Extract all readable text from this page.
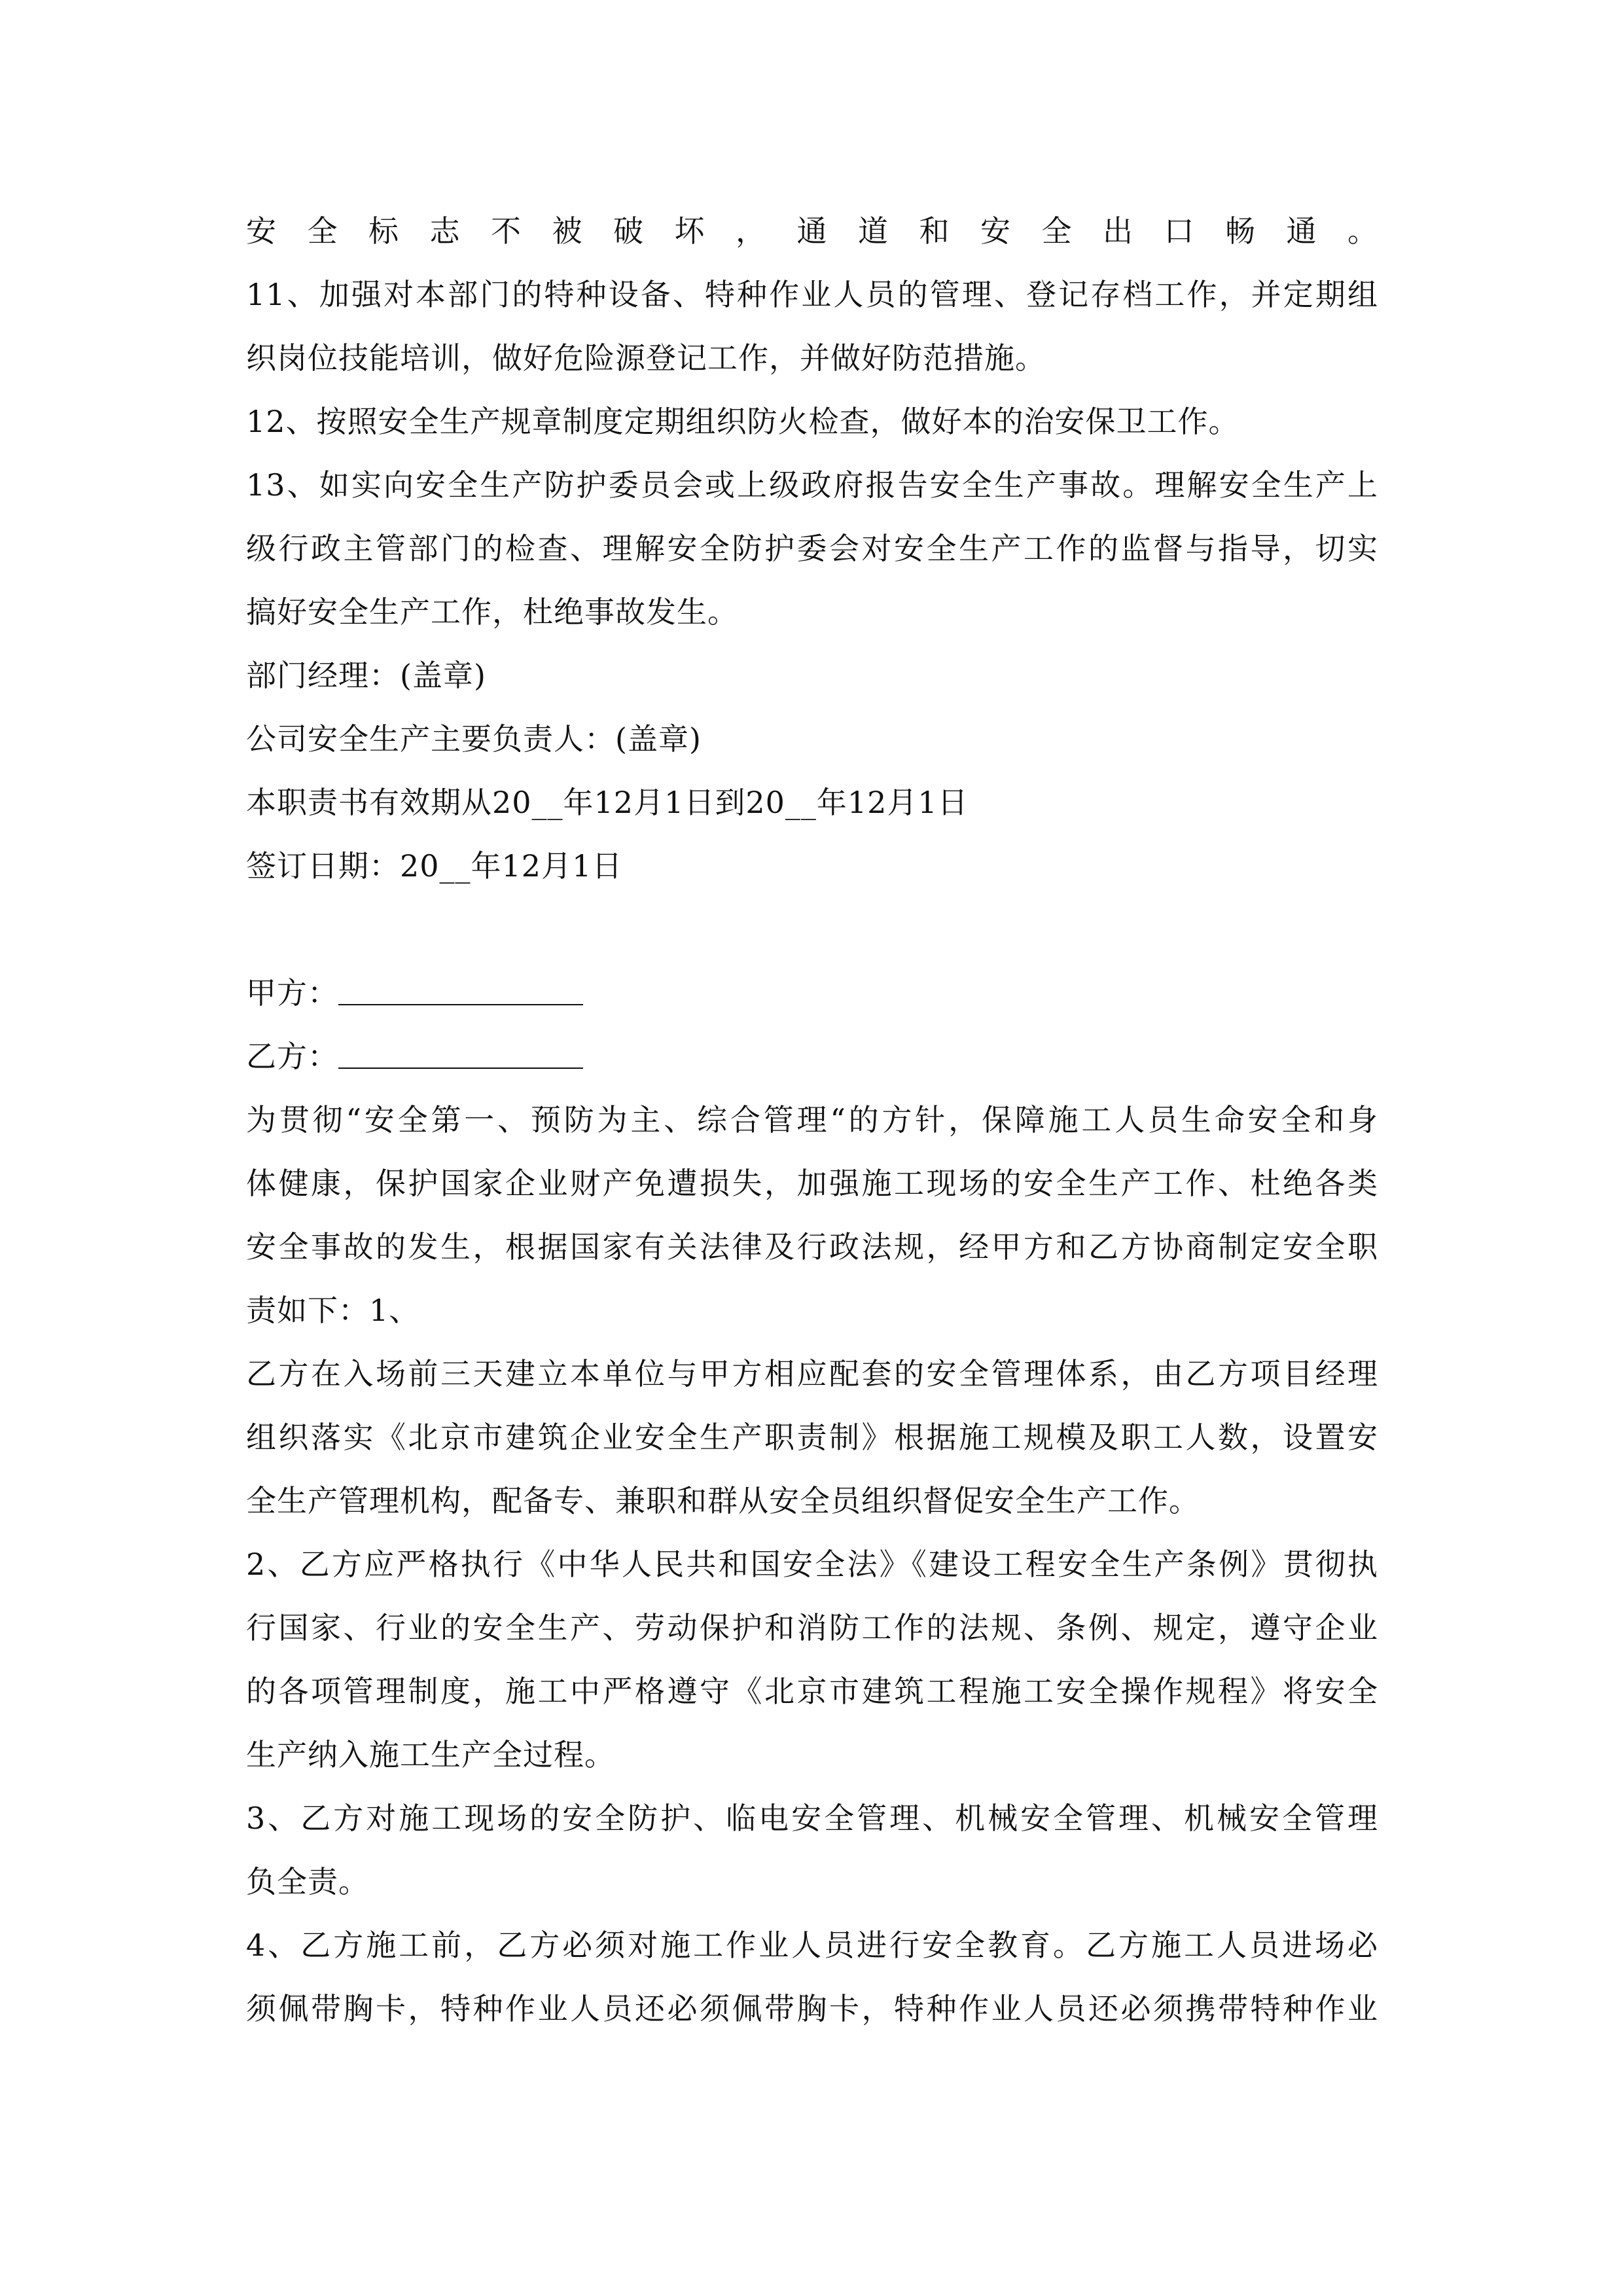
安全标志不被破坏，通道和安全出口畅通。
11、加强对本部门的特种设备、特种作业人员的管理、登记存档工作，并定期组
织岗位技能培训，做好危险源登记工作，并做好防范措施。
12、按照安全生产规章制度定期组织防火检查，做好本的治安保卫工作。
13、如实向安全生产防护委员会或上级政府报告安全生产事故。理解安全生产上
级行政主管部门的检查、理解安全防护委会对安全生产工作的监督与指导，切实
搞好安全生产工作，杜绝事故发生。
部门经理：(盖章)
公司安全生产主要负责人：(盖章)
本职责书有效期从20__年12月1日到20__年12月1日
签订日期：20__年12月1日
甲方：
乙方：
为贯彻“安全第一、预防为主、综合管理“的方针，保障施工人员生命安全和身
体健康，保护国家企业财产免遭损失，加强施工现场的安全生产工作、杜绝各类
安全事故的发生，根据国家有关法律及行政法规，经甲方和乙方协商制定安全职
责如下：1、
乙方在入场前三天建立本单位与甲方相应配套的安全管理体系，由乙方项目经理
组织落实《北京市建筑企业安全生产职责制》根据施工规模及职工人数，设置安
全生产管理机构，配备专、兼职和群从安全员组织督促安全生产工作。
2、乙方应严格执行《中华人民共和国安全法》《建设工程安全生产条例》贯彻执
行国家、行业的安全生产、劳动保护和消防工作的法规、条例、规定，遵守企业
的各项管理制度，施工中严格遵守《北京市建筑工程施工安全操作规程》将安全
生产纳入施工生产全过程。
3、乙方对施工现场的安全防护、临电安全管理、机械安全管理、机械安全管理
负全责。
4、乙方施工前，乙方必须对施工作业人员进行安全教育。乙方施工人员进场必
须佩带胸卡，特种作业人员还必须佩带胸卡，特种作业人员还必须携带特种作业
